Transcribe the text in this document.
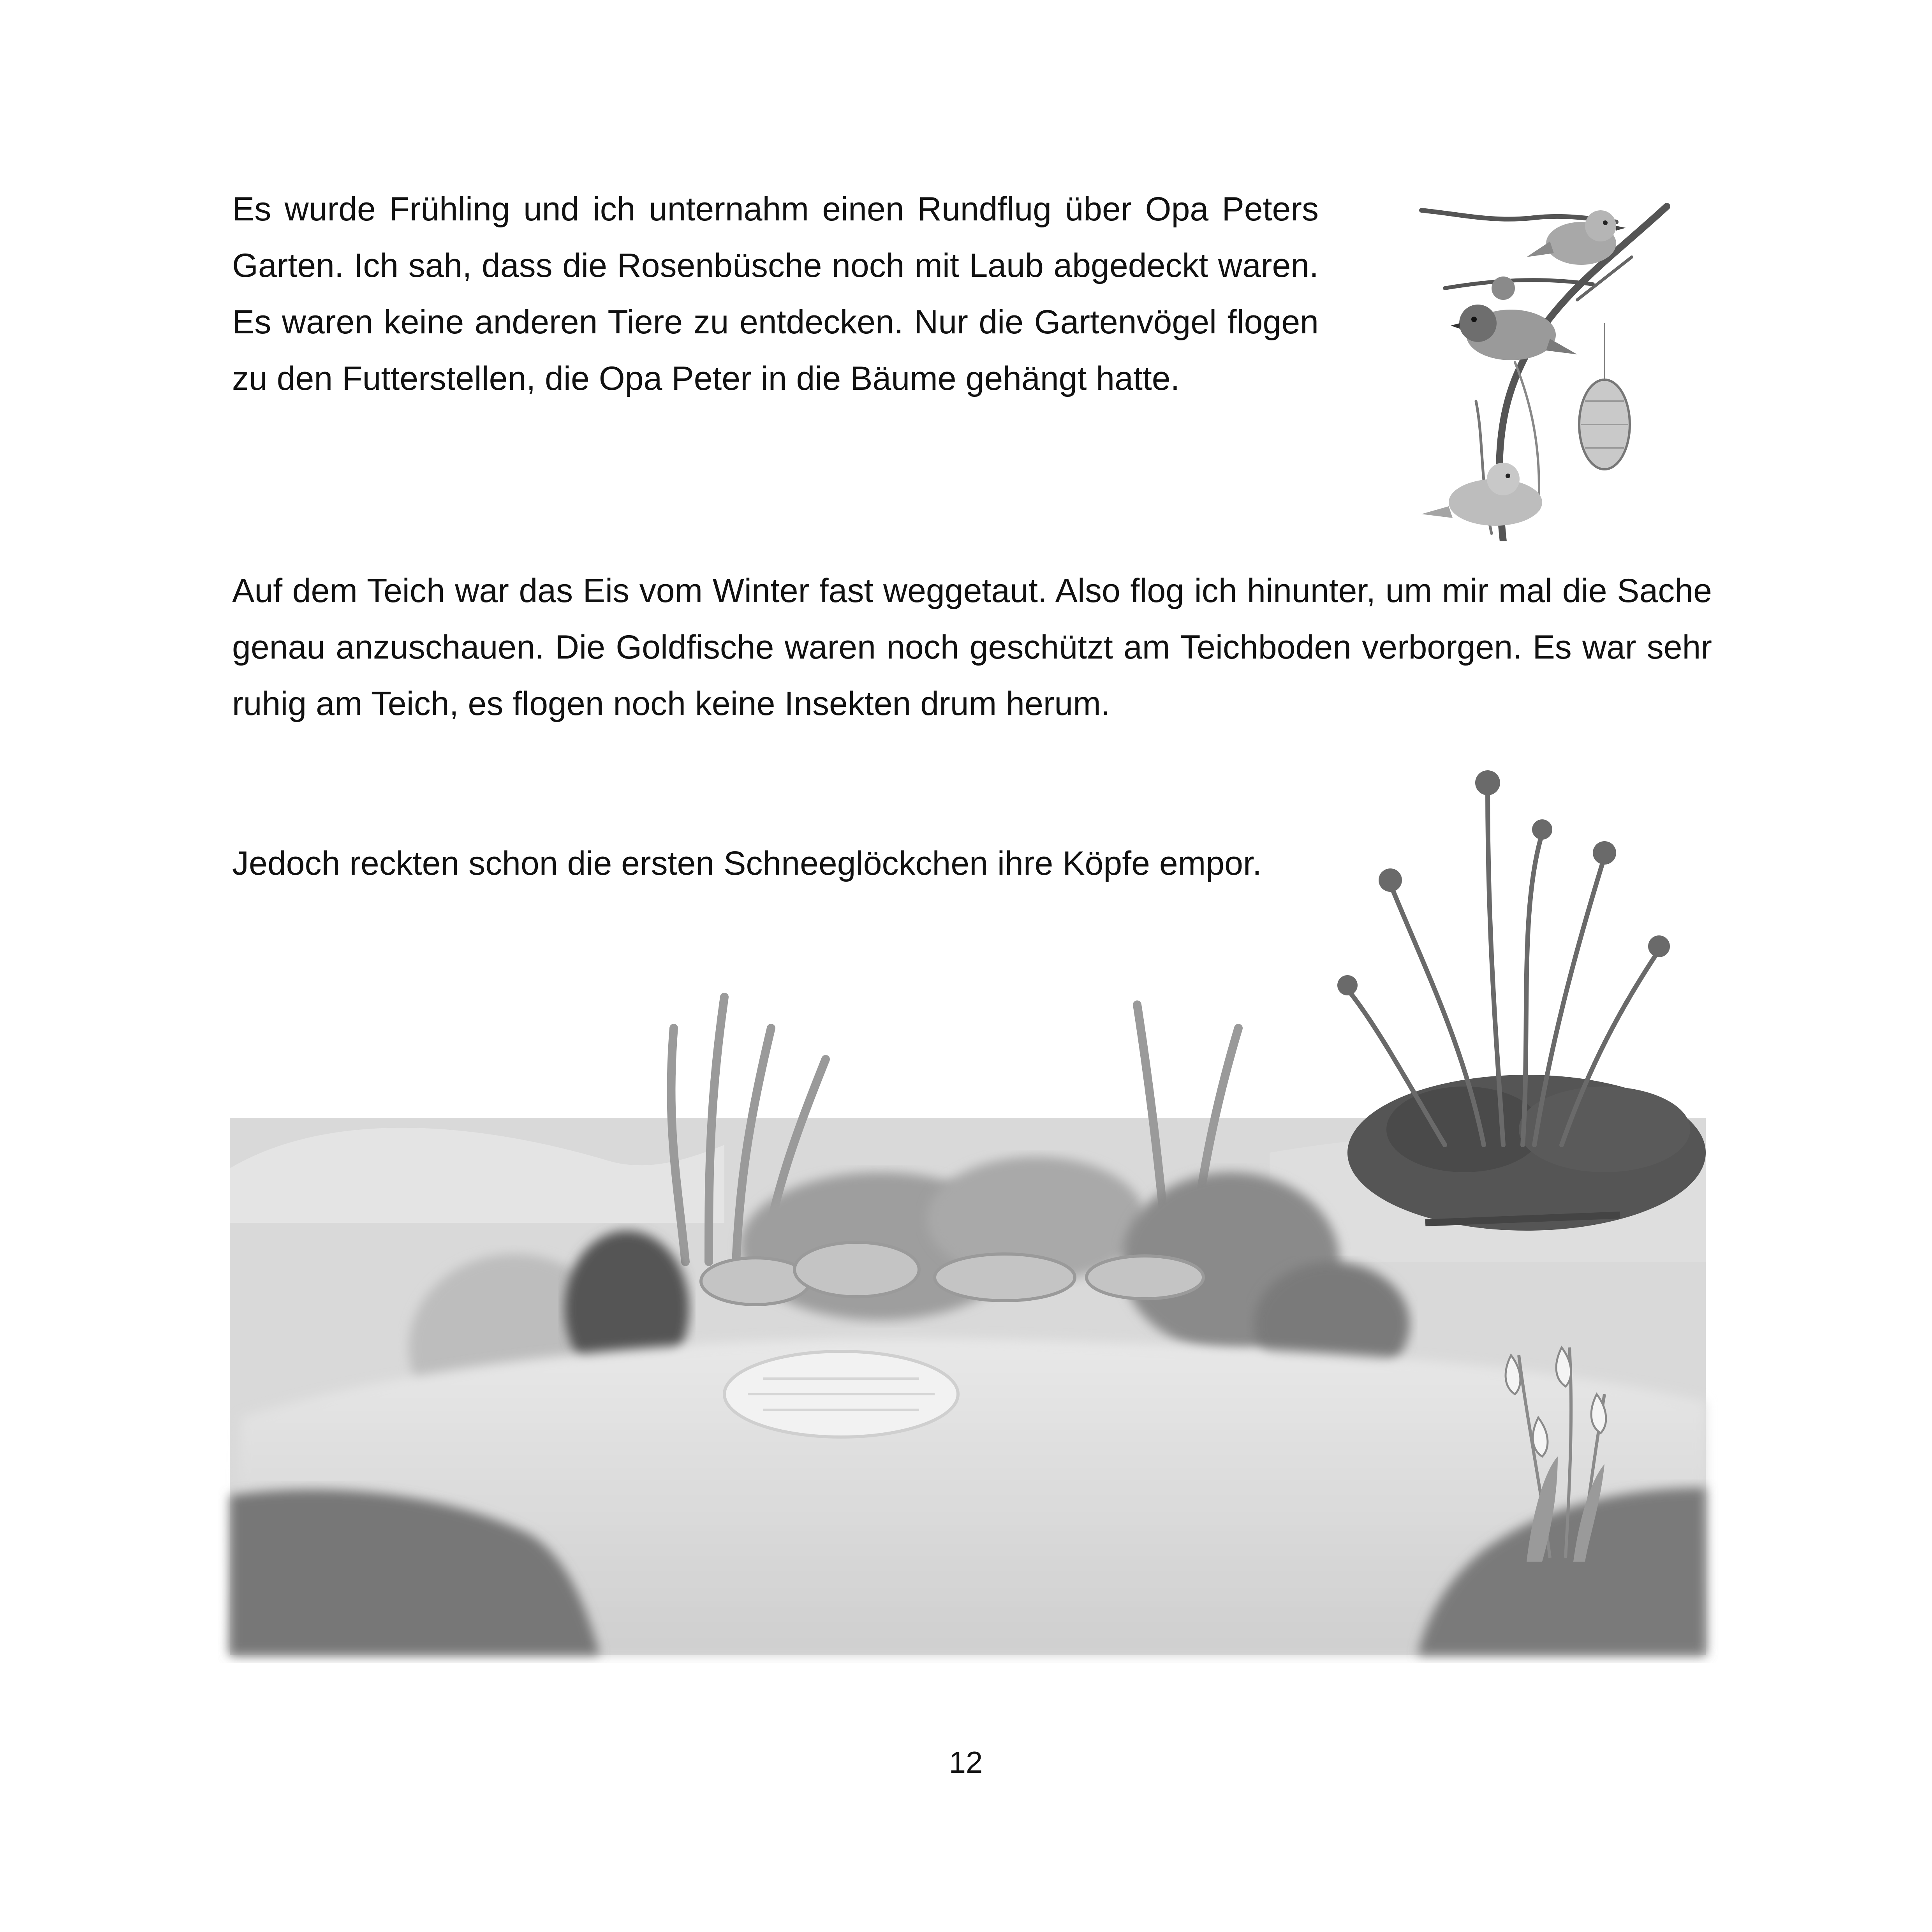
Es wurde Frühling und ich unternahm einen Rundflug über Opa Peters Garten. Ich sah, dass die Rosenbüsche noch mit Laub abgedeckt waren. Es waren keine anderen Tiere zu entdecken. Nur die Gartenvögel flogen zu den Futterstellen, die Opa Peter in die Bäume gehängt hatte.

Auf dem Teich war das Eis vom Winter fast weggetaut. Also flog ich hinunter, um mir mal die Sache genau anzuschauen. Die Goldfische waren noch geschützt am Teichboden verborgen. Es war sehr ruhig am Teich, es flogen noch keine Insekten drum herum.

Jedoch reckten schon die ersten Schneeglöckchen ihre Köpfe empor.

12
